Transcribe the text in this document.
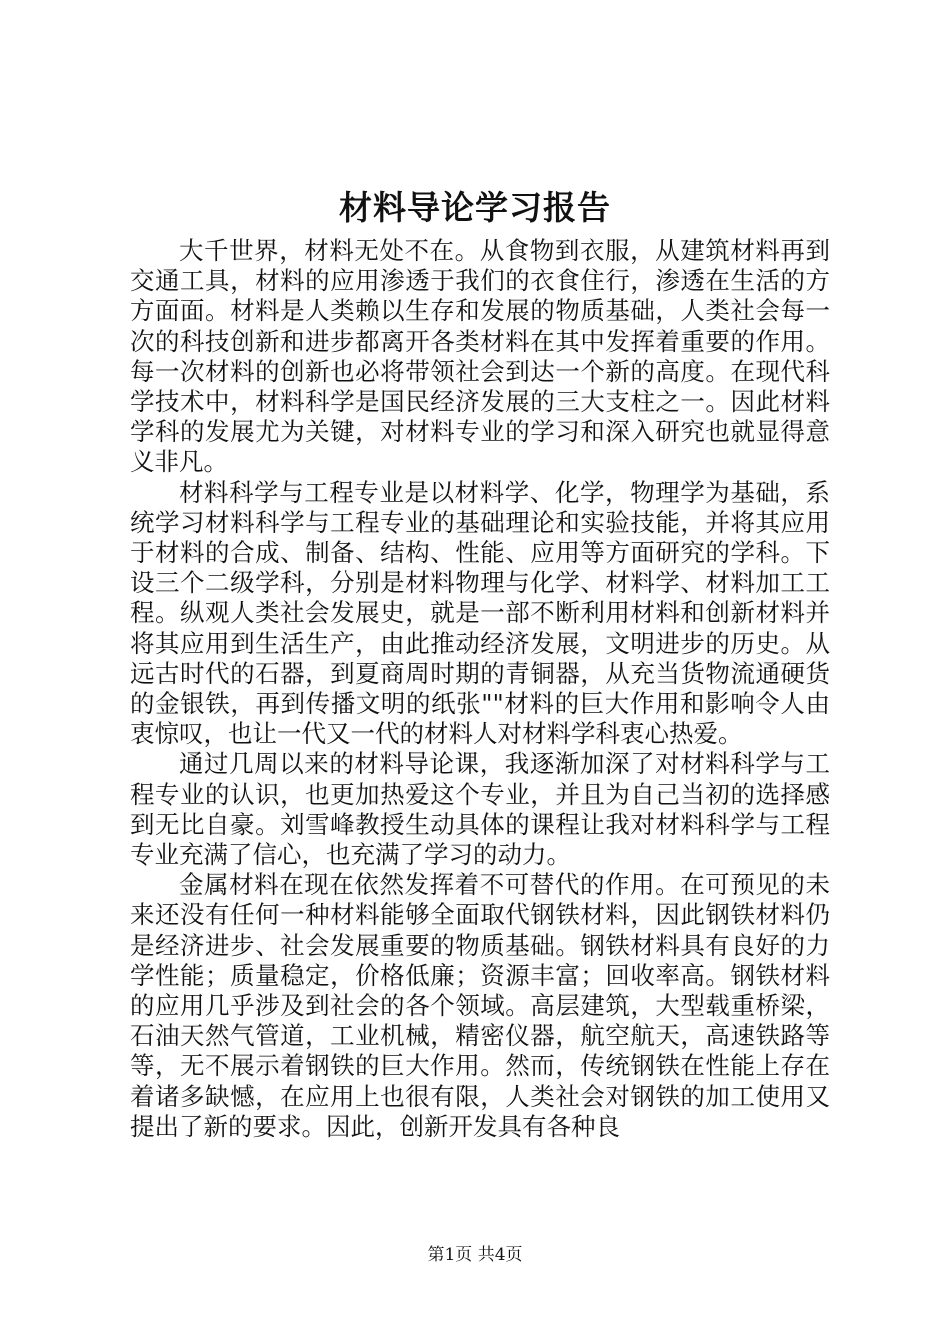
材料导论学习报告

大千世界，材料无处不在。从食物到衣服，从建筑材料再到交通工具，材料的应用渗透于我们的衣食住行，渗透在生活的方方面面。材料是人类赖以生存和发展的物质基础，人类社会每一次的科技创新和进步都离开各类材料在其中发挥着重要的作用。每一次材料的创新也必将带领社会到达一个新的高度。在现代科学技术中，材料科学是国民经济发展的三大支柱之一。因此材料学科的发展尤为关键，对材料专业的学习和深入研究也就显得意义非凡。

材料科学与工程专业是以材料学、化学，物理学为基础，系统学习材料科学与工程专业的基础理论和实验技能，并将其应用于材料的合成、制备、结构、性能、应用等方面研究的学科。下设三个二级学科，分别是材料物理与化学、材料学、材料加工工程。纵观人类社会发展史，就是一部不断利用材料和创新材料并将其应用到生活生产，由此推动经济发展，文明进步的历史。从远古时代的石器，到夏商周时期的青铜器，从充当货物流通硬货的金银铁，再到传播文明的纸张""材料的巨大作用和影响令人由衷惊叹，也让一代又一代的材料人对材料学科衷心热爱。

通过几周以来的材料导论课，我逐渐加深了对材料科学与工程专业的认识，也更加热爱这个专业，并且为自己当初的选择感到无比自豪。刘雪峰教授生动具体的课程让我对材料科学与工程专业充满了信心，也充满了学习的动力。

金属材料在现在依然发挥着不可替代的作用。在可预见的未来还没有任何一种材料能够全面取代钢铁材料，因此钢铁材料仍是经济进步、社会发展重要的物质基础。钢铁材料具有良好的力学性能；质量稳定，价格低廉；资源丰富；回收率高。钢铁材料的应用几乎涉及到社会的各个领域。高层建筑，大型载重桥梁，石油天然气管道，工业机械，精密仪器，航空航天，高速铁路等等，无不展示着钢铁的巨大作用。然而，传统钢铁在性能上存在着诸多缺憾，在应用上也很有限，人类社会对钢铁的加工使用又提出了新的要求。因此，创新开发具有各种良

第1页 共4页
